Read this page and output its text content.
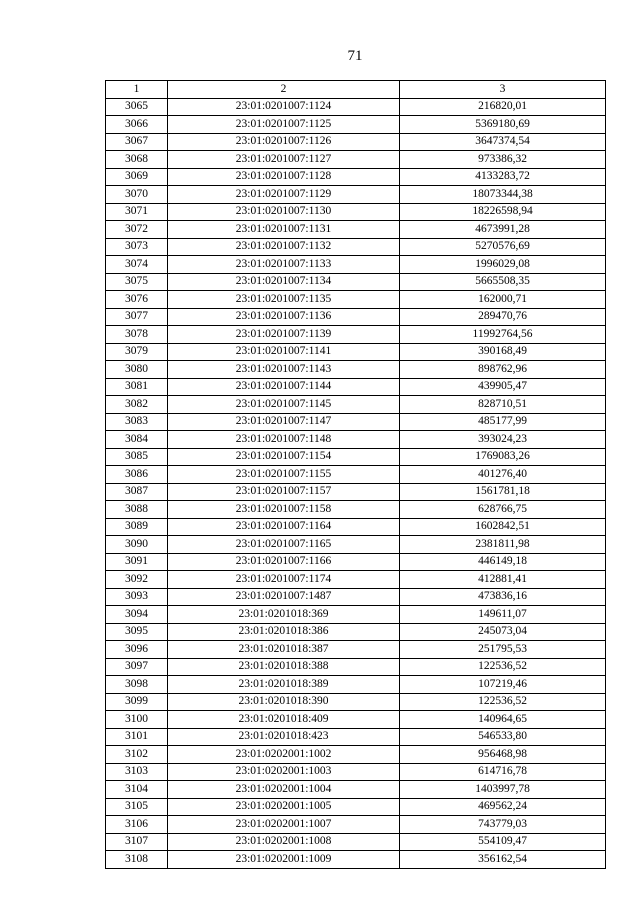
71
1	2	3
3065	23:01:0201007:1124	216820,01
3066	23:01:0201007:1125	5369180,69
3067	23:01:0201007:1126	3647374,54
3068	23:01:0201007:1127	973386,32
3069	23:01:0201007:1128	4133283,72
3070	23:01:0201007:1129	18073344,38
3071	23:01:0201007:1130	18226598,94
3072	23:01:0201007:1131	4673991,28
3073	23:01:0201007:1132	5270576,69
3074	23:01:0201007:1133	1996029,08
3075	23:01:0201007:1134	5665508,35
3076	23:01:0201007:1135	162000,71
3077	23:01:0201007:1136	289470,76
3078	23:01:0201007:1139	11992764,56
3079	23:01:0201007:1141	390168,49
3080	23:01:0201007:1143	898762,96
3081	23:01:0201007:1144	439905,47
3082	23:01:0201007:1145	828710,51
3083	23:01:0201007:1147	485177,99
3084	23:01:0201007:1148	393024,23
3085	23:01:0201007:1154	1769083,26
3086	23:01:0201007:1155	401276,40
3087	23:01:0201007:1157	1561781,18
3088	23:01:0201007:1158	628766,75
3089	23:01:0201007:1164	1602842,51
3090	23:01:0201007:1165	2381811,98
3091	23:01:0201007:1166	446149,18
3092	23:01:0201007:1174	412881,41
3093	23:01:0201007:1487	473836,16
3094	23:01:0201018:369	149611,07
3095	23:01:0201018:386	245073,04
3096	23:01:0201018:387	251795,53
3097	23:01:0201018:388	122536,52
3098	23:01:0201018:389	107219,46
3099	23:01:0201018:390	122536,52
3100	23:01:0201018:409	140964,65
3101	23:01:0201018:423	546533,80
3102	23:01:0202001:1002	956468,98
3103	23:01:0202001:1003	614716,78
3104	23:01:0202001:1004	1403997,78
3105	23:01:0202001:1005	469562,24
3106	23:01:0202001:1007	743779,03
3107	23:01:0202001:1008	554109,47
3108	23:01:0202001:1009	356162,54
